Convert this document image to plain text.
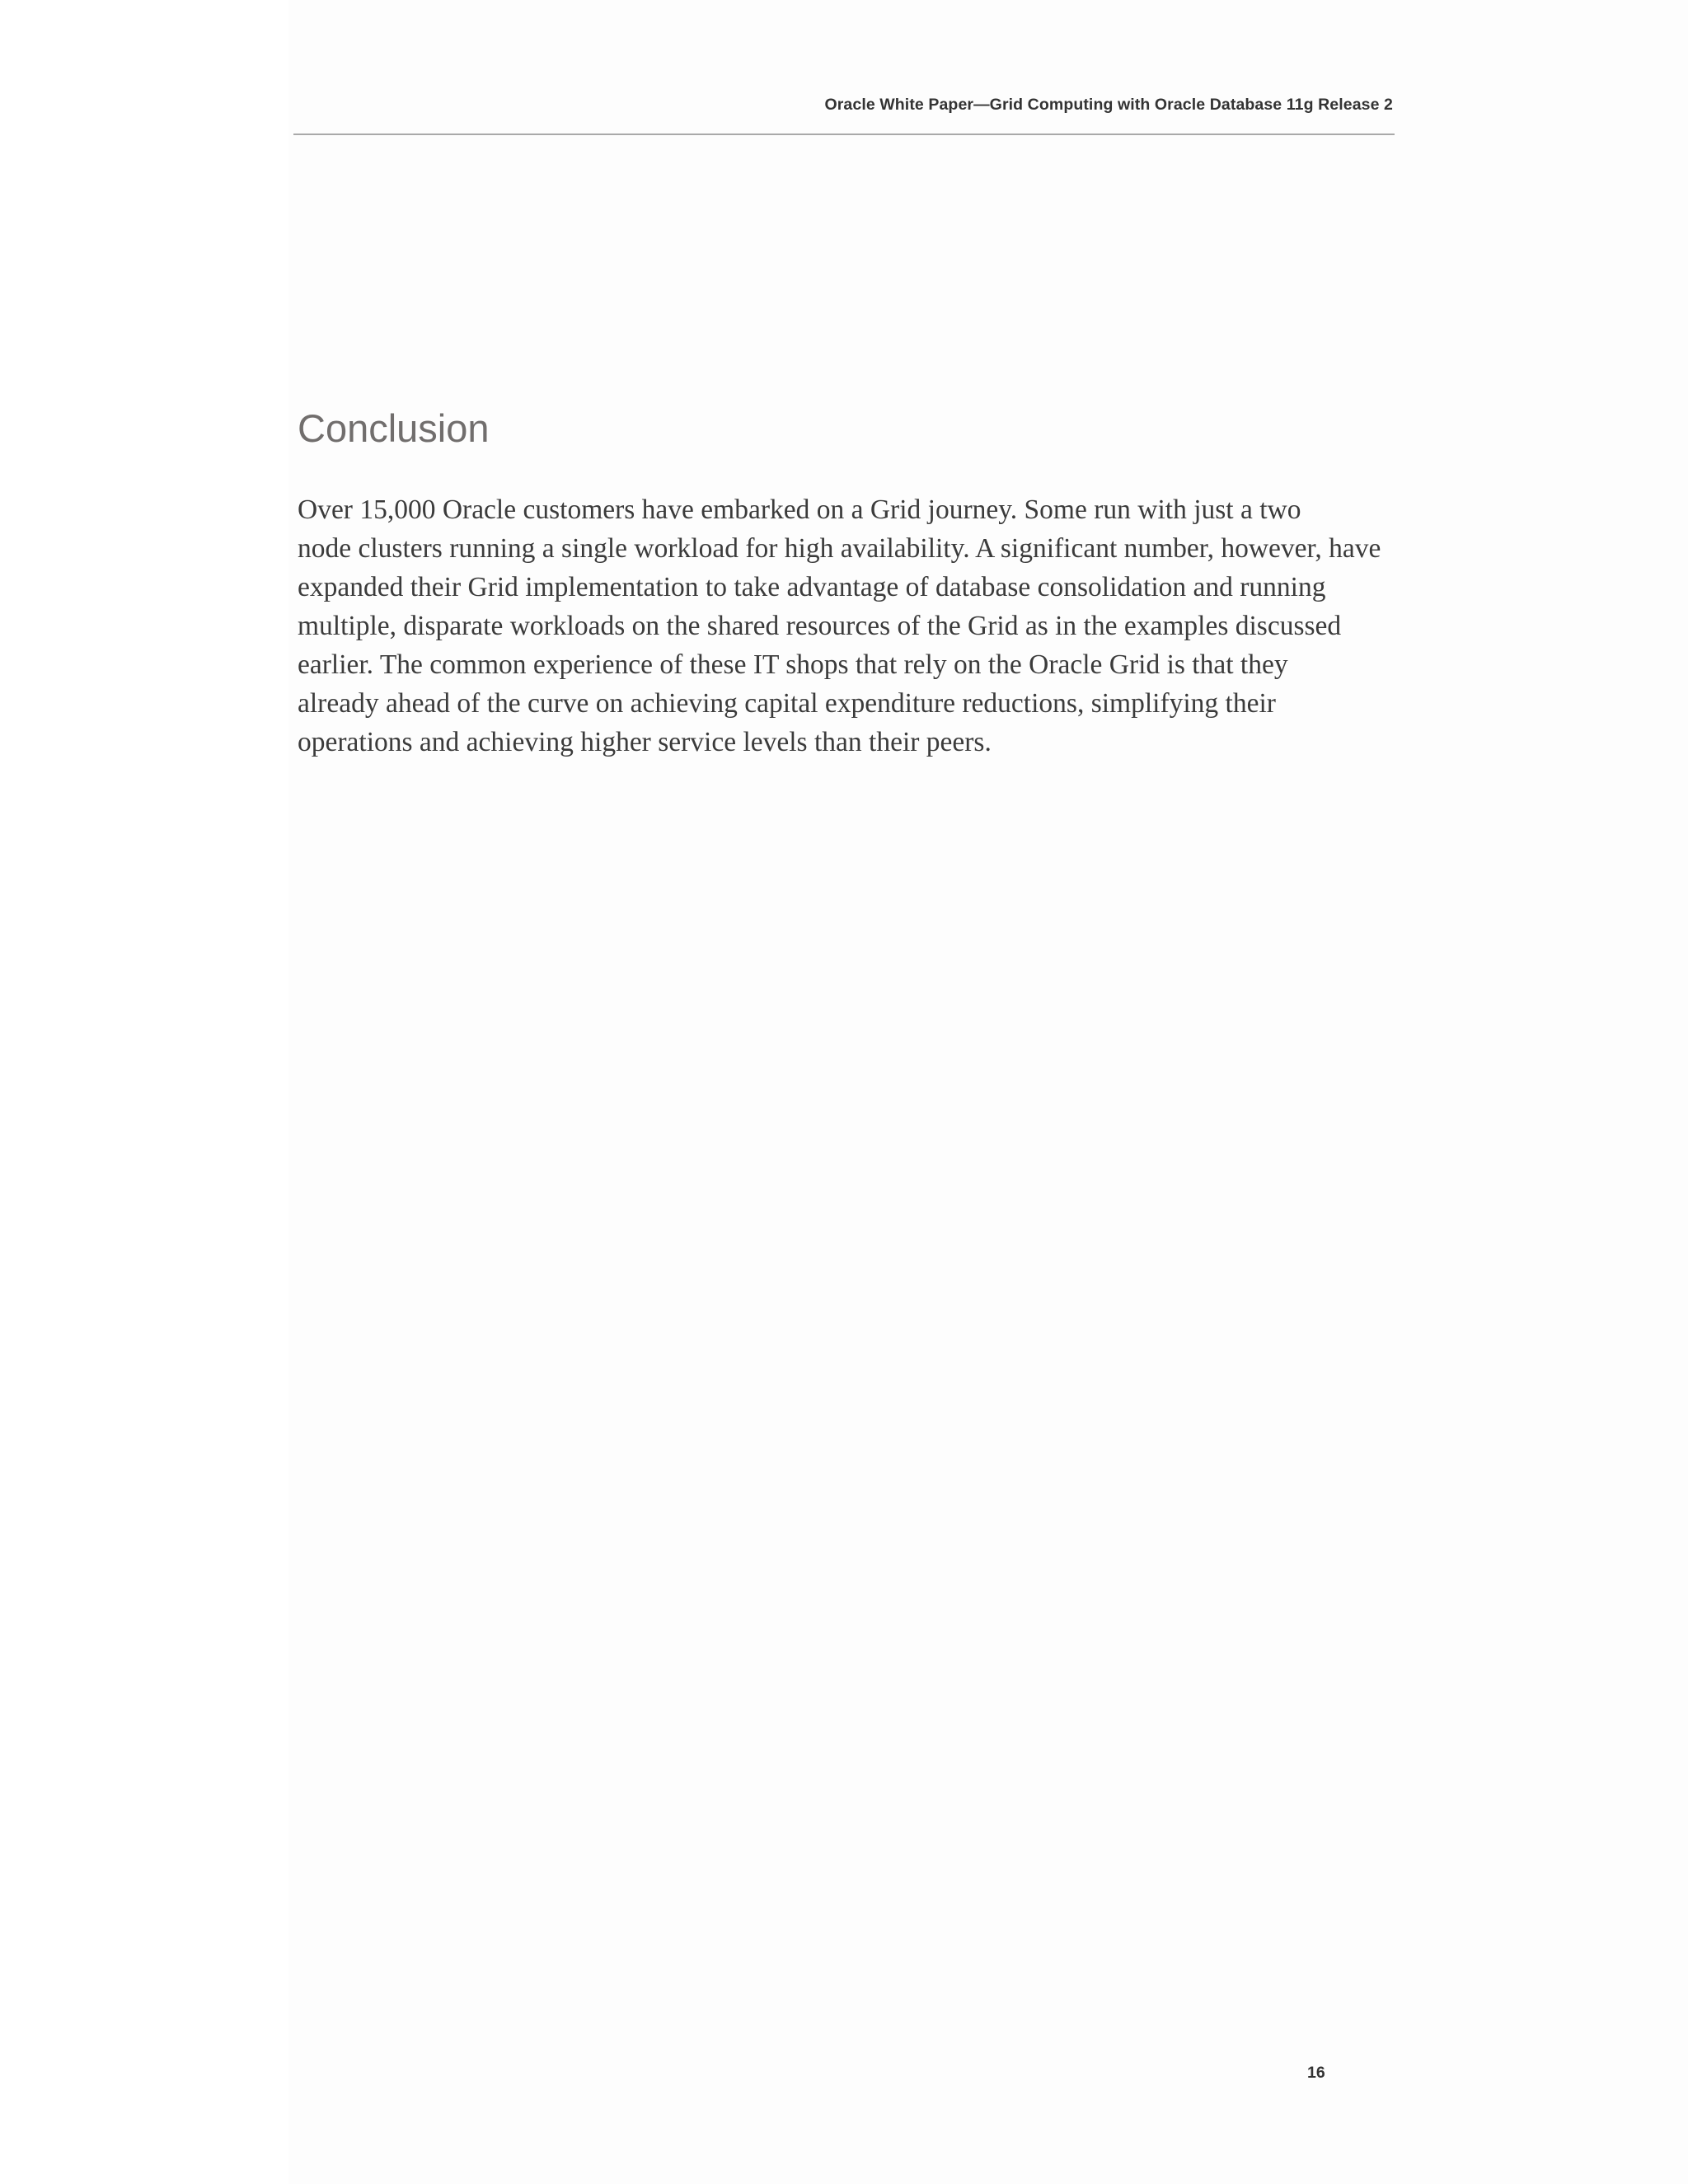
Oracle White Paper—Grid Computing with Oracle Database 11g Release 2
Conclusion

Over 15,000 Oracle customers have embarked on a Grid journey. Some run with just a two
node clusters running a single workload for high availability. A significant number, however, have
expanded their Grid implementation to take advantage of database consolidation and running
multiple, disparate workloads on the shared resources of the Grid as in the examples discussed
earlier. The common experience of these IT shops that rely on the Oracle Grid is that they
already ahead of the curve on achieving capital expenditure reductions, simplifying their
operations and achieving higher service levels than their peers.

16
